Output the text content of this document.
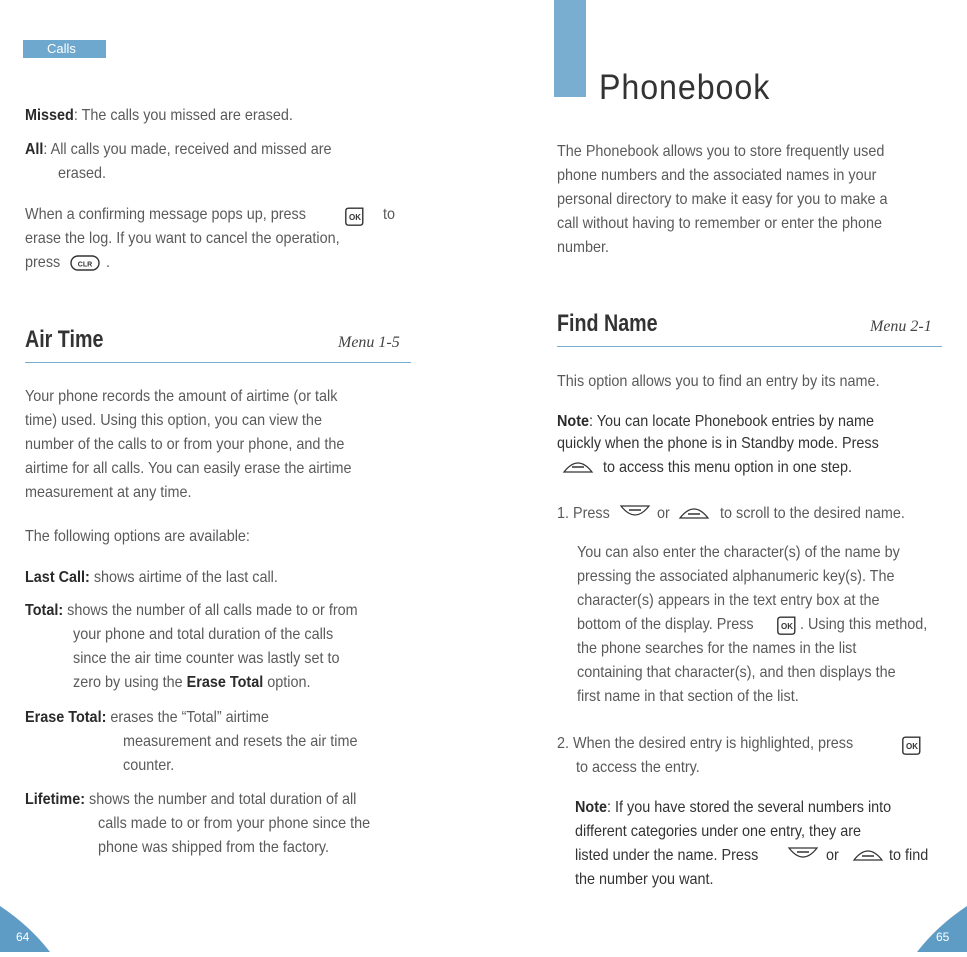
Calls
Missed: The calls you missed are erased.
All: All calls you made, received and missed are
erased.
When a confirming message pops up, press	OK to
erase the log. If you want to cancel the operation,
press	CLR .
Air Time	Menu 1-5
Your phone records the amount of airtime (or talk
time) used. Using this option, you can view the
number of the calls to or from your phone, and the
airtime for all calls. You can easily erase the airtime
measurement at any time.
The following options are available:
Last Call: shows airtime of the last call.
Total: shows the number of all calls made to or from
your phone and total duration of the calls
since the air time counter was lastly set to
zero by using the Erase Total option.
Erase Total: erases the “Total” airtime
measurement and resets the air time
counter.
Lifetime: shows the number and total duration of all
calls made to or from your phone since the
phone was shipped from the factory.
64
Phonebook
The Phonebook allows you to store frequently used
phone numbers and the associated names in your
personal directory to make it easy for you to make a
call without having to remember or enter the phone
number.
Find Name	Menu 2-1
This option allows you to find an entry by its name.
Note: You can locate Phonebook entries by name
quickly when the phone is in Standby mode. Press
to access this menu option in one step.
1. Press	or	to scroll to the desired name.
You can also enter the character(s) of the name by
pressing the associated alphanumeric key(s). The
character(s) appears in the text entry box at the
bottom of the display. Press	OK . Using this method,
the phone searches for the names in the list
containing that character(s), and then displays the
first name in that section of the list.
2. When the desired entry is highlighted, press	OK
to access the entry.
Note: If you have stored the several numbers into
different categories under one entry, they are
listed under the name. Press	or	to find
the number you want.
65
